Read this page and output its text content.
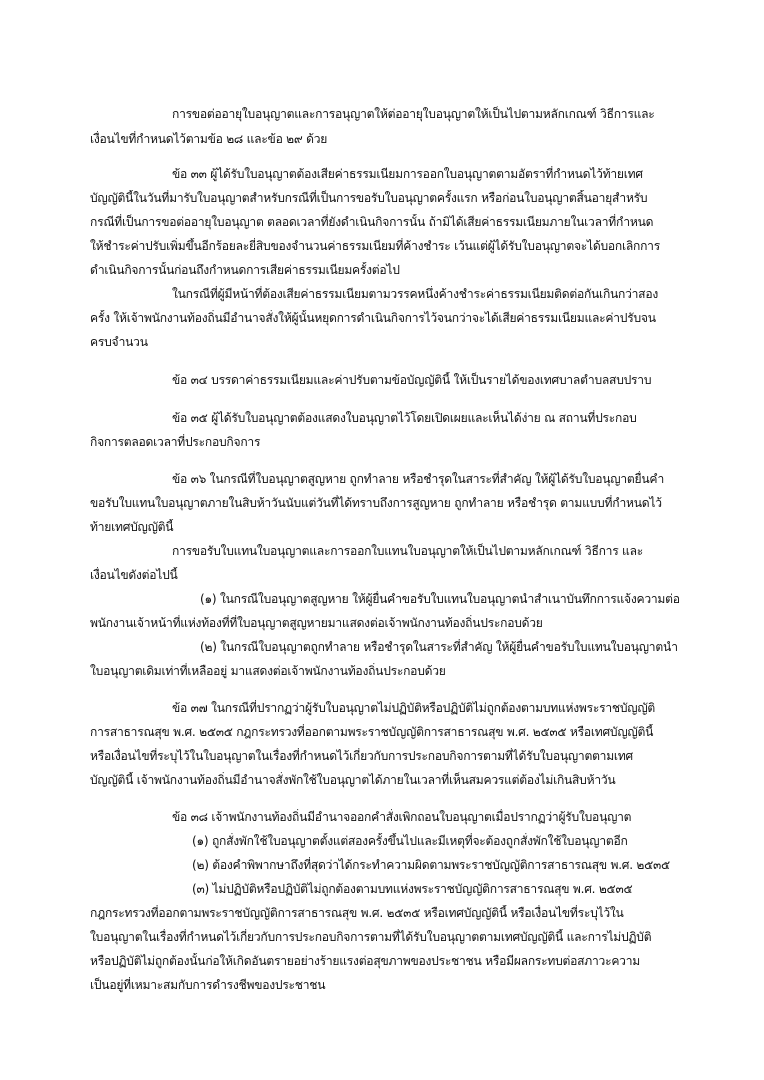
การขอต่ออายุใบอนุญาตและการอนุญาตให้ต่ออายุใบอนุญาตให้เป็นไปตามหลักเกณฑ์ วิธีการและ
เงื่อนไขที่กำหนดไว้ตามข้อ ๒๘ และข้อ ๒๙ ด้วย
ข้อ ๓๓ ผู้ได้รับใบอนุญาตต้องเสียค่าธรรมเนียมการออกใบอนุญาตตามอัตราที่กำหนดไว้ท้ายเทศ
บัญญัตินี้ในวันที่มารับใบอนุญาตสำหรับกรณีที่เป็นการขอรับใบอนุญาตครั้งแรก หรือก่อนใบอนุญาตสิ้นอายุสำหรับ
กรณีที่เป็นการขอต่ออายุใบอนุญาต ตลอดเวลาที่ยังดำเนินกิจการนั้น ถ้ามิได้เสียค่าธรรมเนียมภายในเวลาที่กำหนด
ให้ชำระค่าปรับเพิ่มขึ้นอีกร้อยละยี่สิบของจำนวนค่าธรรมเนียมที่ค้างชำระ เว้นแต่ผู้ได้รับใบอนุญาตจะได้บอกเลิกการ
ดำเนินกิจการนั้นก่อนถึงกำหนดการเสียค่าธรรมเนียมครั้งต่อไป
ในกรณีที่ผู้มีหน้าที่ต้องเสียค่าธรรมเนียมตามวรรคหนึ่งค้างชำระค่าธรรมเนียมติดต่อกันเกินกว่าสอง
ครั้ง ให้เจ้าพนักงานท้องถิ่นมีอำนาจสั่งให้ผู้นั้นหยุดการดำเนินกิจการไว้จนกว่าจะได้เสียค่าธรรมเนียมและค่าปรับจน
ครบจำนวน
ข้อ ๓๔ บรรดาค่าธรรมเนียมและค่าปรับตามข้อบัญญัตินี้ ให้เป็นรายได้ของเทศบาลตำบลสบปราบ
ข้อ ๓๕ ผู้ได้รับใบอนุญาตต้องแสดงใบอนุญาตไว้โดยเปิดเผยและเห็นได้ง่าย ณ สถานที่ประกอบ
กิจการตลอดเวลาที่ประกอบกิจการ
ข้อ ๓๖ ในกรณีที่ใบอนุญาตสูญหาย ถูกทำลาย หรือชำรุดในสาระที่สำคัญ ให้ผู้ได้รับใบอนุญาตยื่นคำ
ขอรับใบแทนใบอนุญาตภายในสิบห้าวันนับแต่วันที่ได้ทราบถึงการสูญหาย ถูกทำลาย หรือชำรุด ตามแบบที่กำหนดไว้
ท้ายเทศบัญญัตินี้
การขอรับใบแทนใบอนุญาตและการออกใบแทนใบอนุญาตให้เป็นไปตามหลักเกณฑ์ วิธีการ และ
เงื่อนไขดังต่อไปนี้
(๑) ในกรณีใบอนุญาตสูญหาย ให้ผู้ยื่นคำขอรับใบแทนใบอนุญาตนำสำเนาบันทึกการแจ้งความต่อ
พนักงานเจ้าหน้าที่แห่งท้องที่ที่ใบอนุญาตสูญหายมาแสดงต่อเจ้าพนักงานท้องถิ่นประกอบด้วย
(๒) ในกรณีใบอนุญาตถูกทำลาย หรือชำรุดในสาระที่สำคัญ ให้ผู้ยื่นคำขอรับใบแทนใบอนุญาตนำ
ใบอนุญาตเดิมเท่าที่เหลืออยู่ มาแสดงต่อเจ้าพนักงานท้องถิ่นประกอบด้วย
ข้อ ๓๗ ในกรณีที่ปรากฏว่าผู้รับใบอนุญาตไม่ปฏิบัติหรือปฏิบัติไม่ถูกต้องตามบทแห่งพระราชบัญญัติ
การสาธารณสุข พ.ศ. ๒๕๓๕ กฎกระทรวงที่ออกตามพระราชบัญญัติการสาธารณสุข พ.ศ. ๒๕๓๕ หรือเทศบัญญัตินี้
หรือเงื่อนไขที่ระบุไว้ในใบอนุญาตในเรื่องที่กำหนดไว้เกี่ยวกับการประกอบกิจการตามที่ได้รับใบอนุญาตตามเทศ
บัญญัตินี้ เจ้าพนักงานท้องถิ่นมีอำนาจสั่งพักใช้ใบอนุญาตได้ภายในเวลาที่เห็นสมควรแต่ต้องไม่เกินสิบห้าวัน
ข้อ ๓๘ เจ้าพนักงานท้องถิ่นมีอำนาจออกคำสั่งเพิกถอนใบอนุญาตเมื่อปรากฏว่าผู้รับใบอนุญาต
(๑) ถูกสั่งพักใช้ใบอนุญาตตั้งแต่สองครั้งขึ้นไปและมีเหตุที่จะต้องถูกสั่งพักใช้ใบอนุญาตอีก
(๒) ต้องคำพิพากษาถึงที่สุดว่าได้กระทำความผิดตามพระราชบัญญัติการสาธารณสุข พ.ศ. ๒๕๓๕
(๓) ไม่ปฏิบัติหรือปฏิบัติไม่ถูกต้องตามบทแห่งพระราชบัญญัติการสาธารณสุข พ.ศ. ๒๕๓๕
กฎกระทรวงที่ออกตามพระราชบัญญัติการสาธารณสุข พ.ศ. ๒๕๓๕ หรือเทศบัญญัตินี้ หรือเงื่อนไขที่ระบุไว้ใน
ใบอนุญาตในเรื่องที่กำหนดไว้เกี่ยวกับการประกอบกิจการตามที่ได้รับใบอนุญาตตามเทศบัญญัตินี้ และการไม่ปฏิบัติ
หรือปฏิบัติไม่ถูกต้องนั้นก่อให้เกิดอันตรายอย่างร้ายแรงต่อสุขภาพของประชาชน หรือมีผลกระทบต่อสภาวะความ
เป็นอยู่ที่เหมาะสมกับการดำรงชีพของประชาชน
